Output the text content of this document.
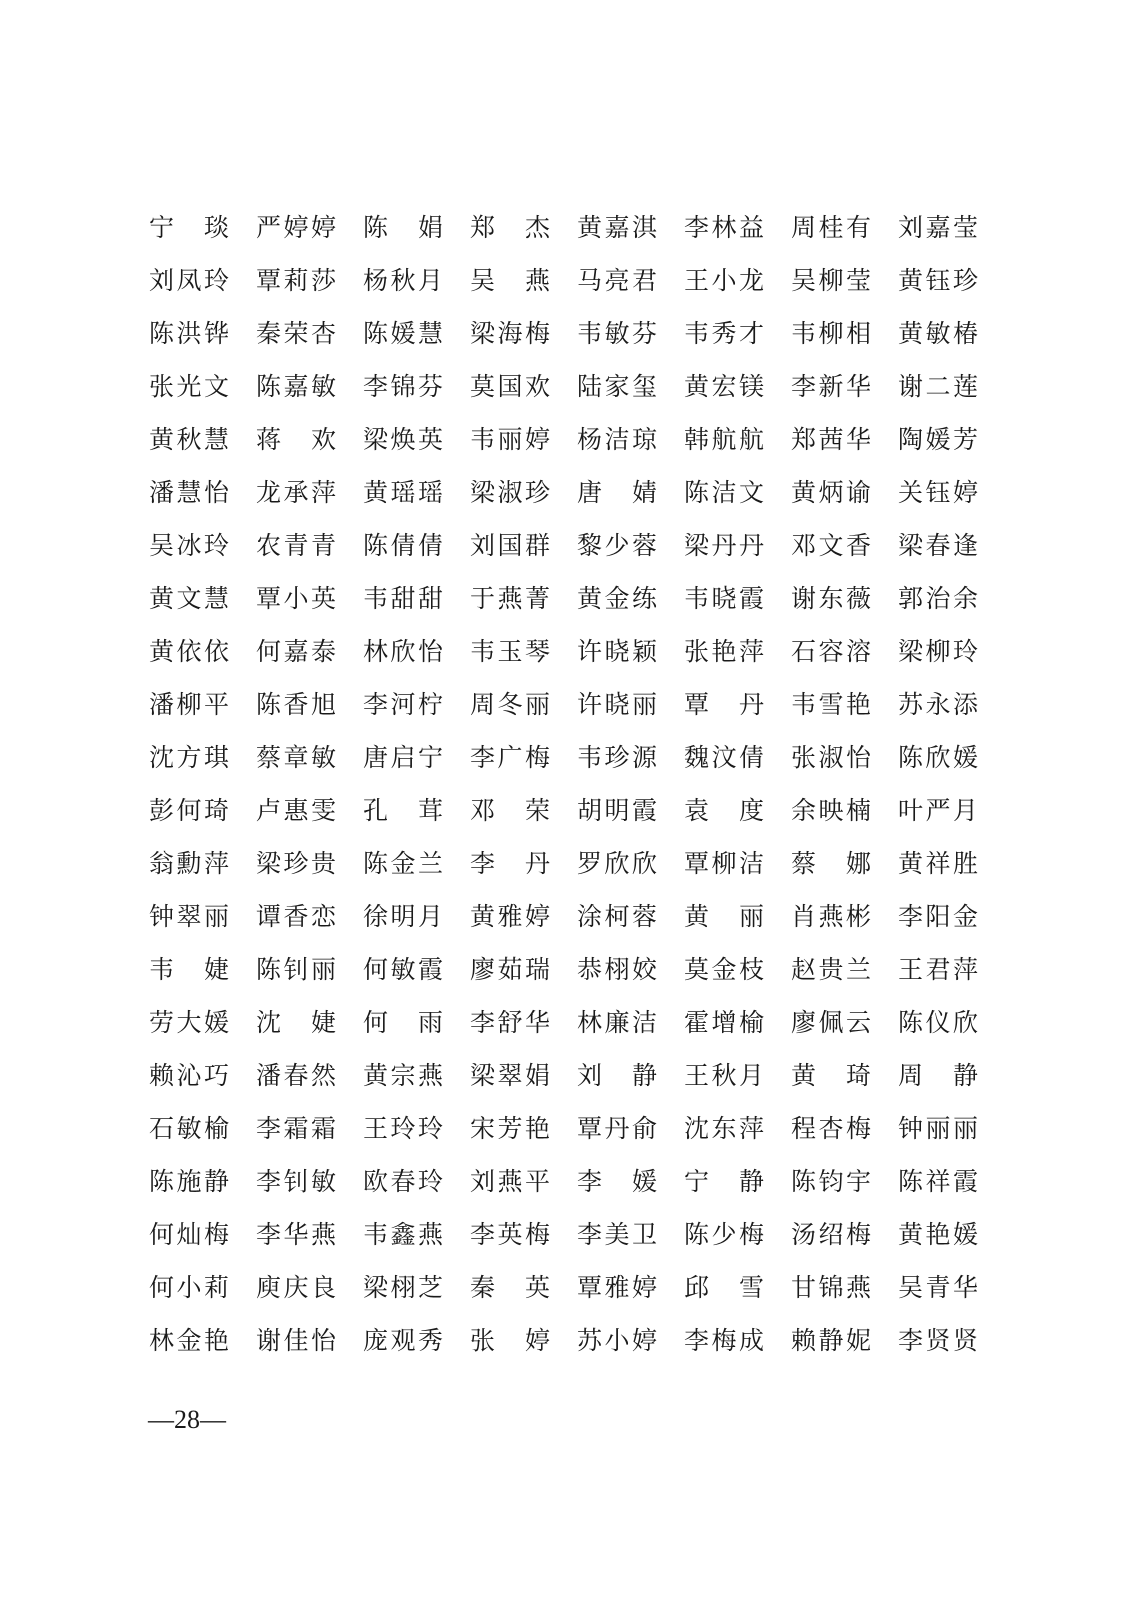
宁 琰 严 婷 婷 陈 娟 郑 杰 黄 嘉 淇 李 林 益 周 桂 有 刘 嘉 莹
刘 凤 玲 覃 莉 莎 杨 秋 月 吴 燕 马 亮 君 王 小 龙 吴 柳 莹 黄 钰 珍
陈 洪 铧 秦 荣 杏 陈 媛 慧 梁 海 梅 韦 敏 芬 韦 秀 才 韦 柳 相 黄 敏 椿
张 光 文 陈 嘉 敏 李 锦 芬 莫 国 欢 陆 家 玺 黄 宏 镁 李 新 华 谢 二 莲
黄 秋 慧 蒋 欢 梁 焕 英 韦 丽 婷 杨 洁 琼 韩 航 航 郑 茜 华 陶 媛 芳
潘 慧 怡 龙 承 萍 黄 瑶 瑶 梁 淑 珍 唐 婧 陈 洁 文 黄 炳 谕 关 钰 婷
吴 冰 玲 农 青 青 陈 倩 倩 刘 国 群 黎 少 蓉 梁 丹 丹 邓 文 香 梁 春 逢
黄 文 慧 覃 小 英 韦 甜 甜 于 燕 菁 黄 金 练 韦 晓 霞 谢 东 薇 郭 治 余
黄 依 依 何 嘉 泰 林 欣 怡 韦 玉 琴 许 晓 颖 张 艳 萍 石 容 溶 梁 柳 玲
潘 柳 平 陈 香 旭 李 河 柠 周 冬 丽 许 晓 丽 覃 丹 韦 雪 艳 苏 永 添
沈 方 琪 蔡 章 敏 唐 启 宁 李 广 梅 韦 珍 源 魏 汶 倩 张 淑 怡 陈 欣 媛
彭 何 琦 卢 惠 雯 孔 茸 邓 荣 胡 明 霞 袁 度 余 映 楠 叶 严 月
翁 勳 萍 梁 珍 贵 陈 金 兰 李 丹 罗 欣 欣 覃 柳 洁 蔡 娜 黄 祥 胜
钟 翠 丽 谭 香 恋 徐 明 月 黄 雅 婷 涂 柯 蓉 黄 丽 肖 燕 彬 李 阳 金
韦 婕 陈 钊 丽 何 敏 霞 廖 茹 瑞 恭 栩 姣 莫 金 枝 赵 贵 兰 王 君 萍
劳 大 媛 沈 婕 何 雨 李 舒 华 林 廉 洁 霍 增 榆 廖 佩 云 陈 仪 欣
赖 沁 巧 潘 春 然 黄 宗 燕 梁 翠 娟 刘 静 王 秋 月 黄 琦 周 静
石 敏 榆 李 霜 霜 王 玲 玲 宋 芳 艳 覃 丹 俞 沈 东 萍 程 杏 梅 钟 丽 丽
陈 施 静 李 钊 敏 欧 春 玲 刘 燕 平 李 媛 宁 静 陈 钧 宇 陈 祥 霞
何 灿 梅 李 华 燕 韦 鑫 燕 李 英 梅 李 美 卫 陈 少 梅 汤 绍 梅 黄 艳 媛
何 小 莉 庾 庆 良 梁 栩 芝 秦 英 覃 雅 婷 邱 雪 甘 锦 燕 吴 青 华
林 金 艳 谢 佳 怡 庞 观 秀 张 婷 苏 小 婷 李 梅 成 赖 静 妮 李 贤 贤
—28—
